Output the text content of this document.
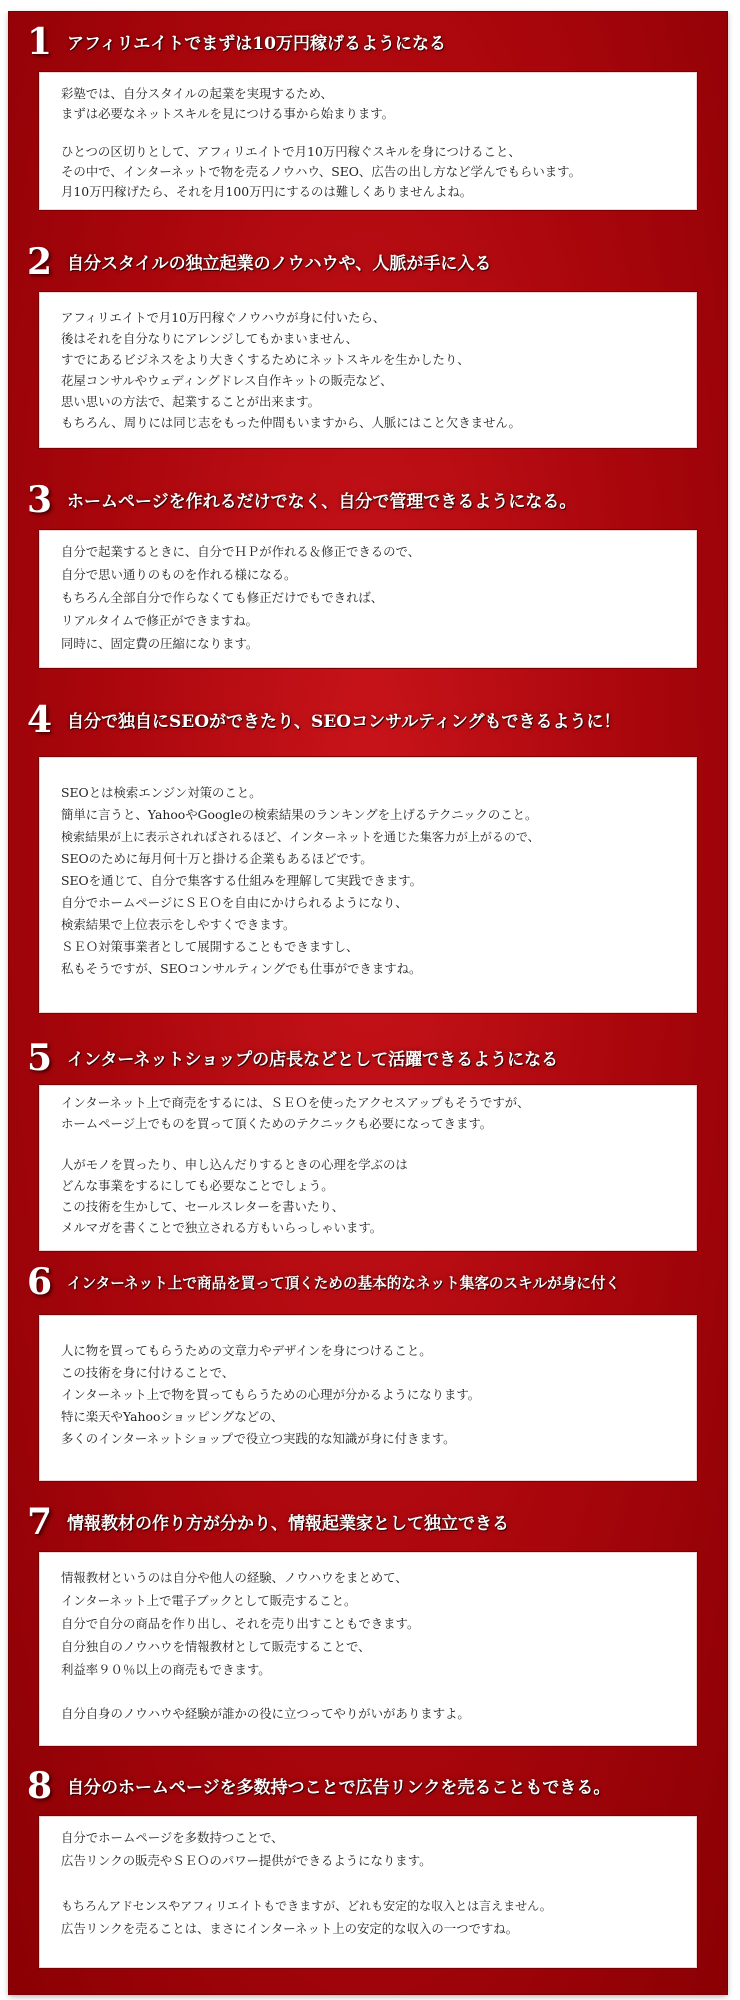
1 アフィリエイトでまずは10万円稼げるようになる
彩塾では、自分スタイルの起業を実現するため、
まずは必要なネットスキルを見につける事から始まります。
ひとつの区切りとして、アフィリエイトで月10万円稼ぐスキルを身につけること、
その中で、インターネットで物を売るノウハウ、SEO、広告の出し方など学んでもらいます。
月10万円稼げたら、それを月100万円にするのは難しくありませんよね。
2 自分スタイルの独立起業のノウハウや、人脈が手に入る
アフィリエイトで月10万円稼ぐノウハウが身に付いたら、
後はそれを自分なりにアレンジしてもかまいません、
すでにあるビジネスをより大きくするためにネットスキルを生かしたり、
花屋コンサルやウェディングドレス自作キットの販売など、
思い思いの方法で、起業することが出来ます。
もちろん、周りには同じ志をもった仲間もいますから、人脈にはこと欠きません。
3 ホームページを作れるだけでなく、自分で管理できるようになる。
自分で起業するときに、自分でＨＰが作れる＆修正できるので、
自分で思い通りのものを作れる様になる。
もちろん全部自分で作らなくても修正だけでもできれば、
リアルタイムで修正ができますね。
同時に、固定費の圧縮になります。
4 自分で独自にSEOができたり、SEOコンサルティングもできるように！
SEOとは検索エンジン対策のこと。
簡単に言うと、YahooやGoogleの検索結果のランキングを上げるテクニックのこと。
検索結果が上に表示されればされるほど、インターネットを通じた集客力が上がるので、
SEOのために毎月何十万と掛ける企業もあるほどです。
SEOを通じて、自分で集客する仕組みを理解して実践できます。
自分でホームページにＳＥＯを自由にかけられるようになり、
検索結果で上位表示をしやすくできます。
ＳＥＯ対策事業者として展開することもできますし、
私もそうですが、SEOコンサルティングでも仕事ができますね。
5 インターネットショップの店長などとして活躍できるようになる
インターネット上で商売をするには、ＳＥＯを使ったアクセスアップもそうですが、
ホームページ上でものを買って頂くためのテクニックも必要になってきます。
人がモノを買ったり、申し込んだりするときの心理を学ぶのは
どんな事業をするにしても必要なことでしょう。
この技術を生かして、セールスレターを書いたり、
メルマガを書くことで独立される方もいらっしゃいます。
6 インターネット上で商品を買って頂くための基本的なネット集客のスキルが身に付く
人に物を買ってもらうための文章力やデザインを身につけること。
この技術を身に付けることで、
インターネット上で物を買ってもらうための心理が分かるようになります。
特に楽天やYahooショッピングなどの、
多くのインターネットショップで役立つ実践的な知識が身に付きます。
7 情報教材の作り方が分かり、情報起業家として独立できる
情報教材というのは自分や他人の経験、ノウハウをまとめて、
インターネット上で電子ブックとして販売すること。
自分で自分の商品を作り出し、それを売り出すこともできます。
自分独自のノウハウを情報教材として販売することで、
利益率９０％以上の商売もできます。
自分自身のノウハウや経験が誰かの役に立つってやりがいがありますよ。
8 自分のホームページを多数持つことで広告リンクを売ることもできる。
自分でホームページを多数持つことで、
広告リンクの販売やＳＥＯのパワー提供ができるようになります。
もちろんアドセンスやアフィリエイトもできますが、どれも安定的な収入とは言えません。
広告リンクを売ることは、まさにインターネット上の安定的な収入の一つですね。
